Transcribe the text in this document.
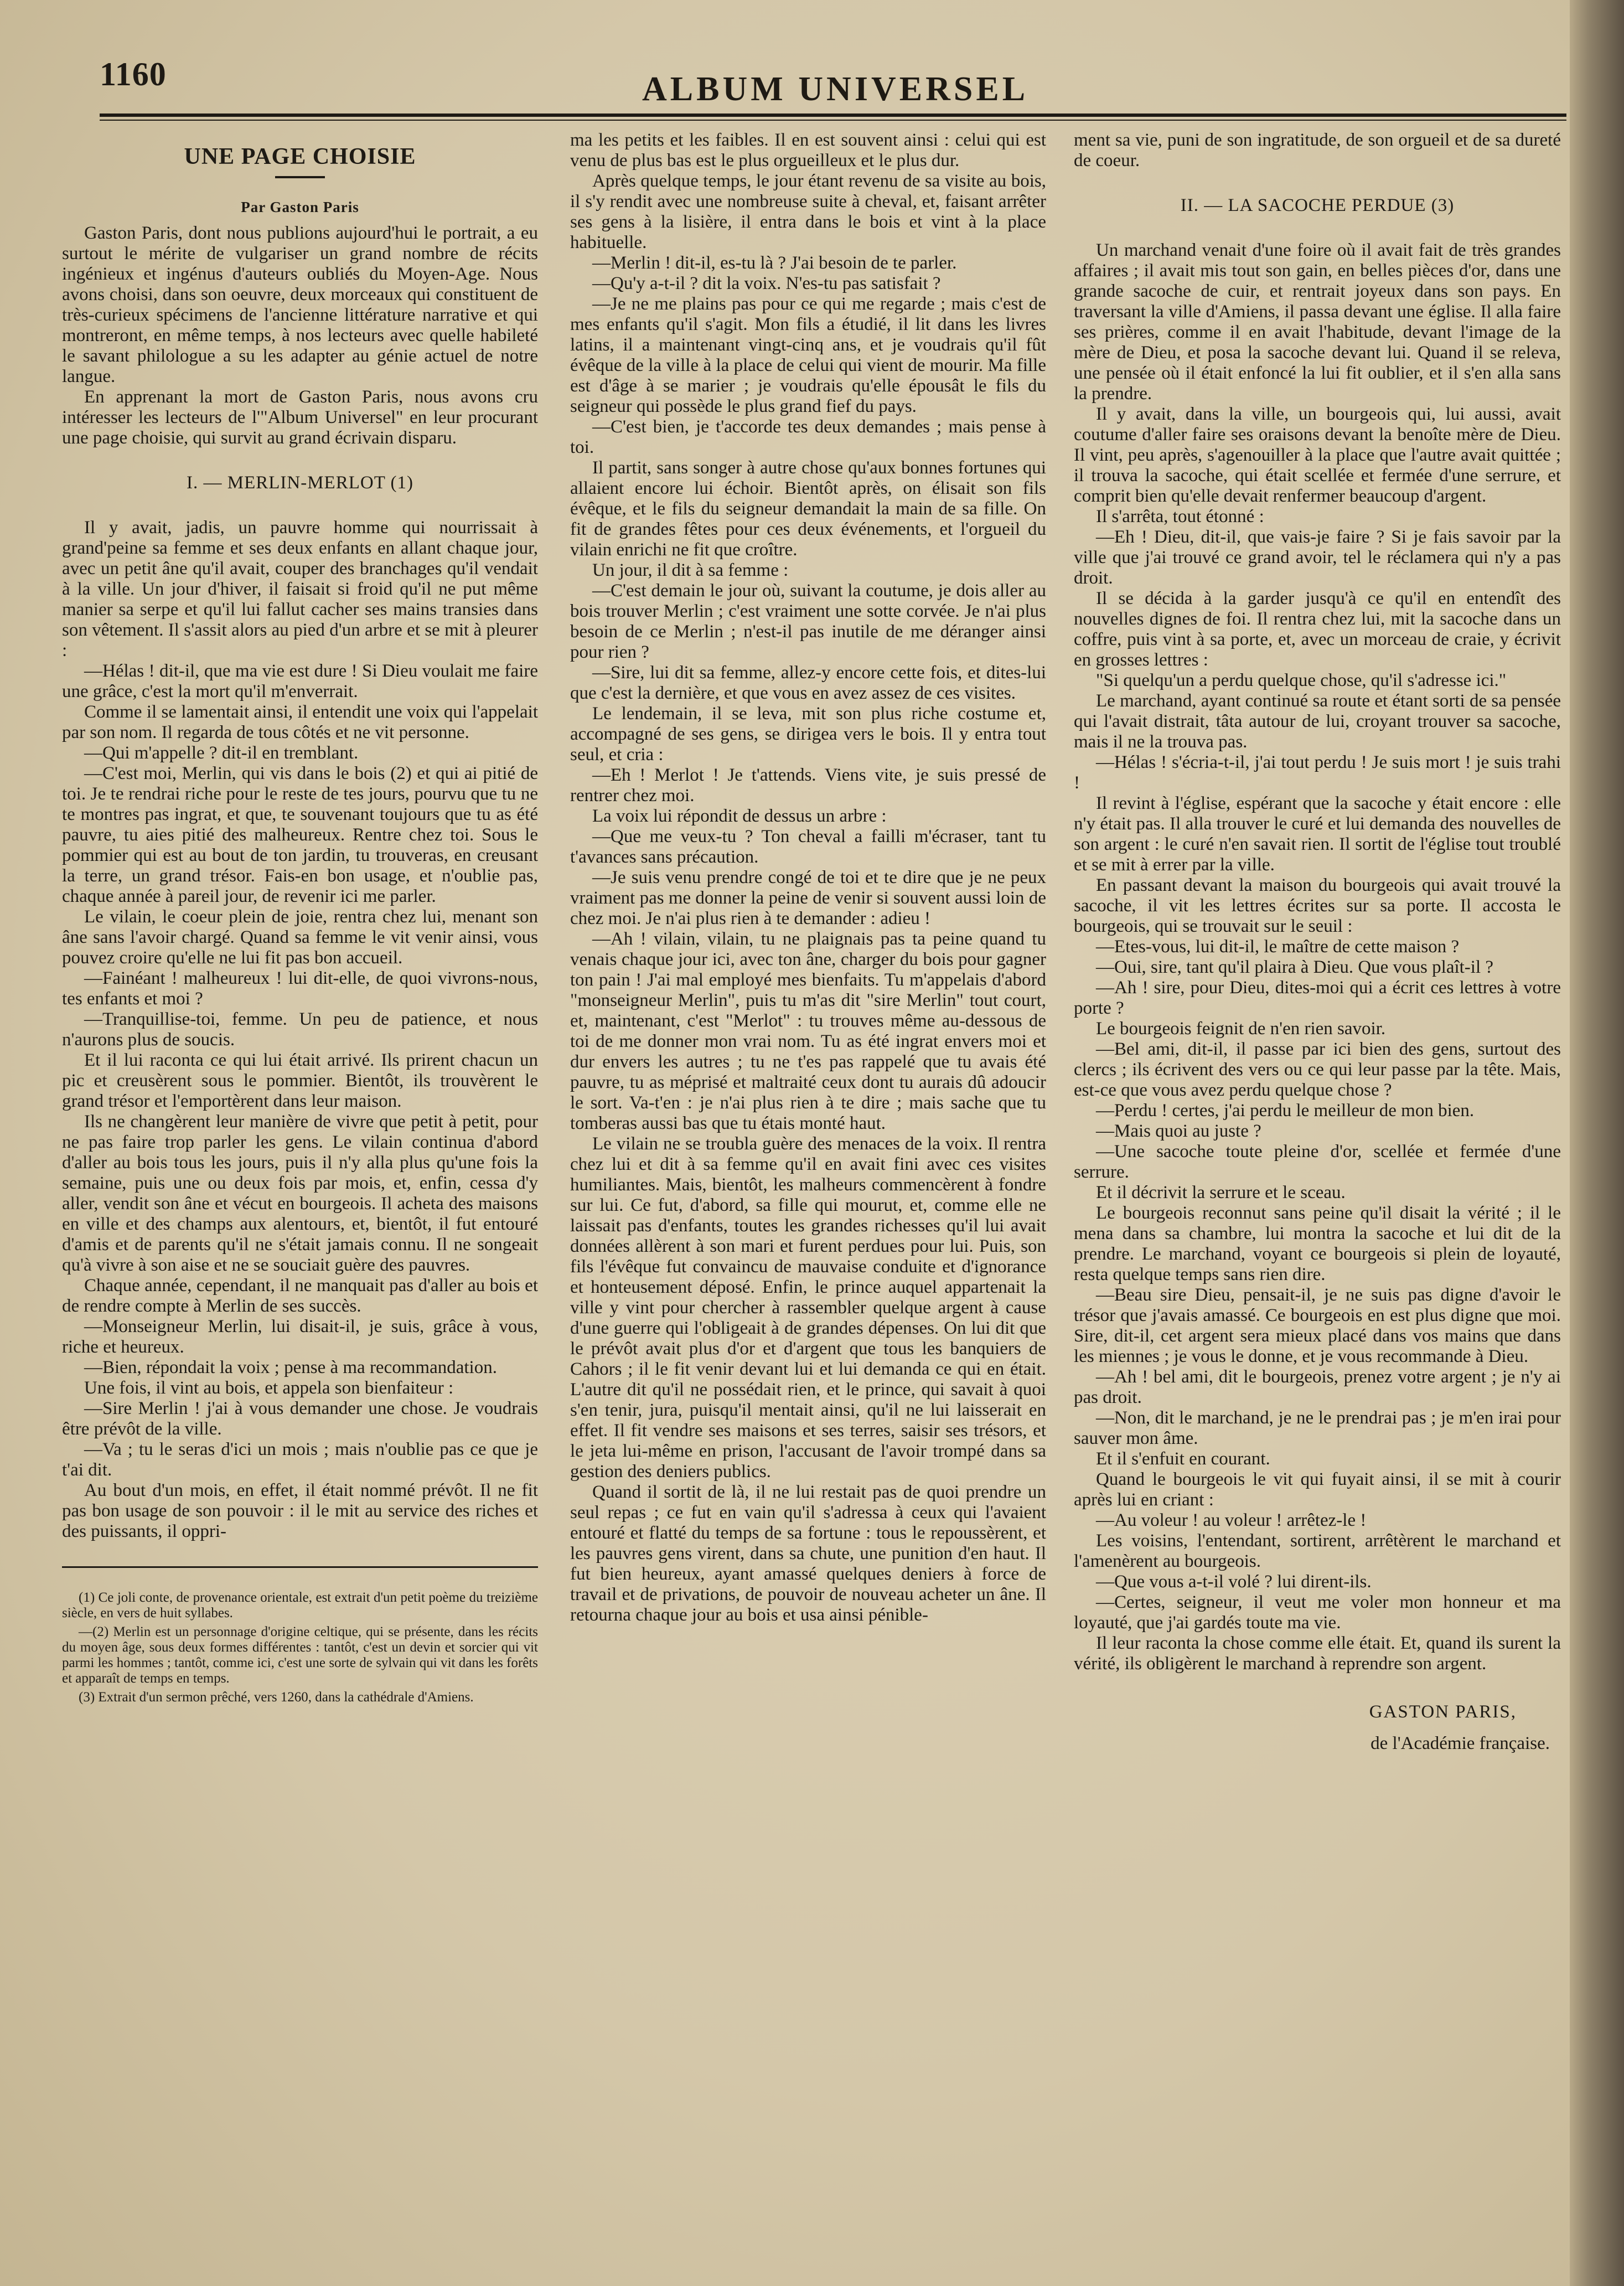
1160	ALBUM UNIVERSEL
UNE PAGE CHOISIE
Par Gaston Paris

Gaston Paris, dont nous publions aujourd'hui le portrait, a eu surtout le mérite de vulgariser un grand nombre de récits ingénieux et ingénus d'auteurs oubliés du Moyen-Age. Nous avons choisi, dans son oeuvre, deux morceaux qui constituent de très-curieux spécimens de l'ancienne littérature narrative et qui montreront, en même temps, à nos lecteurs avec quelle habileté le savant philologue a su les adapter au génie actuel de notre langue.

En apprenant la mort de Gaston Paris, nous avons cru intéresser les lecteurs de l'"Album Universel" en leur procurant une page choisie, qui survit au grand écrivain disparu.

I. — MERLIN-MERLOT (1)

Il y avait, jadis, un pauvre homme qui nourrissait à grand'peine sa femme et ses deux enfants en allant chaque jour, avec un petit âne qu'il avait, couper des branchages qu'il vendait à la ville. Un jour d'hiver, il faisait si froid qu'il ne put même manier sa serpe et qu'il lui fallut cacher ses mains transies dans son vêtement. Il s'assit alors au pied d'un arbre et se mit à pleurer :

—Hélas ! dit-il, que ma vie est dure ! Si Dieu voulait me faire une grâce, c'est la mort qu'il m'enverrait.

Comme il se lamentait ainsi, il entendit une voix qui l'appelait par son nom. Il regarda de tous côtés et ne vit personne.

—Qui m'appelle ? dit-il en tremblant.

—C'est moi, Merlin, qui vis dans le bois (2) et qui ai pitié de toi. Je te rendrai riche pour le reste de tes jours, pourvu que tu ne te montres pas ingrat, et que, te souvenant toujours que tu as été pauvre, tu aies pitié des malheureux. Rentre chez toi. Sous le pommier qui est au bout de ton jardin, tu trouveras, en creusant la terre, un grand trésor. Fais-en bon usage, et n'oublie pas, chaque année à pareil jour, de revenir ici me parler.

Le vilain, le coeur plein de joie, rentra chez lui, menant son âne sans l'avoir chargé. Quand sa femme le vit venir ainsi, vous pouvez croire qu'elle ne lui fit pas bon accueil.

—Fainéant ! malheureux ! lui dit-elle, de quoi vivrons-nous, tes enfants et moi ?

—Tranquillise-toi, femme. Un peu de patience, et nous n'aurons plus de soucis.

Et il lui raconta ce qui lui était arrivé. Ils prirent chacun un pic et creusèrent sous le pommier. Bientôt, ils trouvèrent le grand trésor et l'emportèrent dans leur maison.

Ils ne changèrent leur manière de vivre que petit à petit, pour ne pas faire trop parler les gens. Le vilain continua d'abord d'aller au bois tous les jours, puis il n'y alla plus qu'une fois la semaine, puis une ou deux fois par mois, et, enfin, cessa d'y aller, vendit son âne et vécut en bourgeois. Il acheta des maisons en ville et des champs aux alentours, et, bientôt, il fut entouré d'amis et de parents qu'il ne s'était jamais connu. Il ne songeait qu'à vivre à son aise et ne se souciait guère des pauvres.

Chaque année, cependant, il ne manquait pas d'aller au bois et de rendre compte à Merlin de ses succès.

—Monseigneur Merlin, lui disait-il, je suis, grâce à vous, riche et heureux.

—Bien, répondait la voix ; pense à ma recommandation.

Une fois, il vint au bois, et appela son bienfaiteur :

—Sire Merlin ! j'ai à vous demander une chose. Je voudrais être prévôt de la ville.

—Va ; tu le seras d'ici un mois ; mais n'oublie pas ce que je t'ai dit.

Au bout d'un mois, en effet, il était nommé prévôt. Il ne fit pas bon usage de son pouvoir : il le mit au service des riches et des puissants, il oppri-

(1) Ce joli conte, de provenance orientale, est extrait d'un petit poème du treizième siècle, en vers de huit syllabes.

—(2) Merlin est un personnage d'origine celtique, qui se présente, dans les récits du moyen âge, sous deux formes différentes : tantôt, c'est un devin et sorcier qui vit parmi les hommes ; tantôt, comme ici, c'est une sorte de sylvain qui vit dans les forêts et apparaît de temps en temps.

(3) Extrait d'un sermon prêché, vers 1260, dans la cathédrale d'Amiens.

ma les petits et les faibles. Il en est souvent ainsi : celui qui est venu de plus bas est le plus orgueilleux et le plus dur.

Après quelque temps, le jour étant revenu de sa visite au bois, il s'y rendit avec une nombreuse suite à cheval, et, faisant arrêter ses gens à la lisière, il entra dans le bois et vint à la place habituelle.

—Merlin ! dit-il, es-tu là ? J'ai besoin de te parler.

—Qu'y a-t-il ? dit la voix. N'es-tu pas satisfait ?

—Je ne me plains pas pour ce qui me regarde ; mais c'est de mes enfants qu'il s'agit. Mon fils a étudié, il lit dans les livres latins, il a maintenant vingt-cinq ans, et je voudrais qu'il fût évêque de la ville à la place de celui qui vient de mourir. Ma fille est d'âge à se marier ; je voudrais qu'elle épousât le fils du seigneur qui possède le plus grand fief du pays.

—C'est bien, je t'accorde tes deux demandes ; mais pense à toi.

Il partit, sans songer à autre chose qu'aux bonnes fortunes qui allaient encore lui échoir. Bientôt après, on élisait son fils évêque, et le fils du seigneur demandait la main de sa fille. On fit de grandes fêtes pour ces deux événements, et l'orgueil du vilain enrichi ne fit que croître.

Un jour, il dit à sa femme :

—C'est demain le jour où, suivant la coutume, je dois aller au bois trouver Merlin ; c'est vraiment une sotte corvée. Je n'ai plus besoin de ce Merlin ; n'est-il pas inutile de me déranger ainsi pour rien ?

—Sire, lui dit sa femme, allez-y encore cette fois, et dites-lui que c'est la dernière, et que vous en avez assez de ces visites.

Le lendemain, il se leva, mit son plus riche costume et, accompagné de ses gens, se dirigea vers le bois. Il y entra tout seul, et cria :

—Eh ! Merlot ! Je t'attends. Viens vite, je suis pressé de rentrer chez moi.

La voix lui répondit de dessus un arbre :

—Que me veux-tu ? Ton cheval a failli m'écraser, tant tu t'avances sans précaution.

—Je suis venu prendre congé de toi et te dire que je ne peux vraiment pas me donner la peine de venir si souvent aussi loin de chez moi. Je n'ai plus rien à te demander : adieu !

—Ah ! vilain, vilain, tu ne plaignais pas ta peine quand tu venais chaque jour ici, avec ton âne, charger du bois pour gagner ton pain ! J'ai mal employé mes bienfaits. Tu m'appelais d'abord "monseigneur Merlin", puis tu m'as dit "sire Merlin" tout court, et, maintenant, c'est "Merlot" : tu trouves même au-dessous de toi de me donner mon vrai nom. Tu as été ingrat envers moi et dur envers les autres ; tu ne t'es pas rappelé que tu avais été pauvre, tu as méprisé et maltraité ceux dont tu aurais dû adoucir le sort. Va-t'en : je n'ai plus rien à te dire ; mais sache que tu tomberas aussi bas que tu étais monté haut.

Le vilain ne se troubla guère des menaces de la voix. Il rentra chez lui et dit à sa femme qu'il en avait fini avec ces visites humiliantes. Mais, bientôt, les malheurs commencèrent à fondre sur lui. Ce fut, d'abord, sa fille qui mourut, et, comme elle ne laissait pas d'enfants, toutes les grandes richesses qu'il lui avait données allèrent à son mari et furent perdues pour lui. Puis, son fils l'évêque fut convaincu de mauvaise conduite et d'ignorance et honteusement déposé. Enfin, le prince auquel appartenait la ville y vint pour chercher à rassembler quelque argent à cause d'une guerre qui l'obligeait à de grandes dépenses. On lui dit que le prévôt avait plus d'or et d'argent que tous les banquiers de Cahors ; il le fit venir devant lui et lui demanda ce qui en était. L'autre dit qu'il ne possédait rien, et le prince, qui savait à quoi s'en tenir, jura, puisqu'il mentait ainsi, qu'il ne lui laisserait en effet. Il fit vendre ses maisons et ses terres, saisir ses trésors, et le jeta lui-même en prison, l'accusant de l'avoir trompé dans sa gestion des deniers publics.

Quand il sortit de là, il ne lui restait pas de quoi prendre un seul repas ; ce fut en vain qu'il s'adressa à ceux qui l'avaient entouré et flatté du temps de sa fortune : tous le repoussèrent, et les pauvres gens virent, dans sa chute, une punition d'en haut. Il fut bien heureux, ayant amassé quelques deniers à force de travail et de privations, de pouvoir de nouveau acheter un âne. Il retourna chaque jour au bois et usa ainsi pénible-

ment sa vie, puni de son ingratitude, de son orgueil et de sa dureté de coeur.

II. — LA SACOCHE PERDUE (3)

Un marchand venait d'une foire où il avait fait de très grandes affaires ; il avait mis tout son gain, en belles pièces d'or, dans une grande sacoche de cuir, et rentrait joyeux dans son pays. En traversant la ville d'Amiens, il passa devant une église. Il alla faire ses prières, comme il en avait l'habitude, devant l'image de la mère de Dieu, et posa la sacoche devant lui. Quand il se releva, une pensée où il était enfoncé la lui fit oublier, et il s'en alla sans la prendre.

Il y avait, dans la ville, un bourgeois qui, lui aussi, avait coutume d'aller faire ses oraisons devant la benoîte mère de Dieu. Il vint, peu après, s'agenouiller à la place que l'autre avait quittée ; il trouva la sacoche, qui était scellée et fermée d'une serrure, et comprit bien qu'elle devait renfermer beaucoup d'argent.

Il s'arrêta, tout étonné :

—Eh ! Dieu, dit-il, que vais-je faire ? Si je fais savoir par la ville que j'ai trouvé ce grand avoir, tel le réclamera qui n'y a pas droit.

Il se décida à la garder jusqu'à ce qu'il en entendît des nouvelles dignes de foi. Il rentra chez lui, mit la sacoche dans un coffre, puis vint à sa porte, et, avec un morceau de craie, y écrivit en grosses lettres :

"Si quelqu'un a perdu quelque chose, qu'il s'adresse ici."

Le marchand, ayant continué sa route et étant sorti de sa pensée qui l'avait distrait, tâta autour de lui, croyant trouver sa sacoche, mais il ne la trouva pas.

—Hélas ! s'écria-t-il, j'ai tout perdu ! Je suis mort ! je suis trahi !

Il revint à l'église, espérant que la sacoche y était encore : elle n'y était pas. Il alla trouver le curé et lui demanda des nouvelles de son argent : le curé n'en savait rien. Il sortit de l'église tout troublé et se mit à errer par la ville.

En passant devant la maison du bourgeois qui avait trouvé la sacoche, il vit les lettres écrites sur sa porte. Il accosta le bourgeois, qui se trouvait sur le seuil :

—Etes-vous, lui dit-il, le maître de cette maison ?

—Oui, sire, tant qu'il plaira à Dieu. Que vous plaît-il ?

—Ah ! sire, pour Dieu, dites-moi qui a écrit ces lettres à votre porte ?

Le bourgeois feignit de n'en rien savoir.

—Bel ami, dit-il, il passe par ici bien des gens, surtout des clercs ; ils écrivent des vers ou ce qui leur passe par la tête. Mais, est-ce que vous avez perdu quelque chose ?

—Perdu ! certes, j'ai perdu le meilleur de mon bien.

—Mais quoi au juste ?

—Une sacoche toute pleine d'or, scellée et fermée d'une serrure.

Et il décrivit la serrure et le sceau.

Le bourgeois reconnut sans peine qu'il disait la vérité ; il le mena dans sa chambre, lui montra la sacoche et lui dit de la prendre. Le marchand, voyant ce bourgeois si plein de loyauté, resta quelque temps sans rien dire.

—Beau sire Dieu, pensait-il, je ne suis pas digne d'avoir le trésor que j'avais amassé. Ce bourgeois en est plus digne que moi. Sire, dit-il, cet argent sera mieux placé dans vos mains que dans les miennes ; je vous le donne, et je vous recommande à Dieu.

—Ah ! bel ami, dit le bourgeois, prenez votre argent ; je n'y ai pas droit.

—Non, dit le marchand, je ne le prendrai pas ; je m'en irai pour sauver mon âme.

Et il s'enfuit en courant.

Quand le bourgeois le vit qui fuyait ainsi, il se mit à courir après lui en criant :

—Au voleur ! au voleur ! arrêtez-le !

Les voisins, l'entendant, sortirent, arrêtèrent le marchand et l'amenèrent au bourgeois.

—Que vous a-t-il volé ? lui dirent-ils.

—Certes, seigneur, il veut me voler mon honneur et ma loyauté, que j'ai gardés toute ma vie.

Il leur raconta la chose comme elle était. Et, quand ils surent la vérité, ils obligèrent le marchand à reprendre son argent.

GASTON PARIS,
de l'Académie française.
